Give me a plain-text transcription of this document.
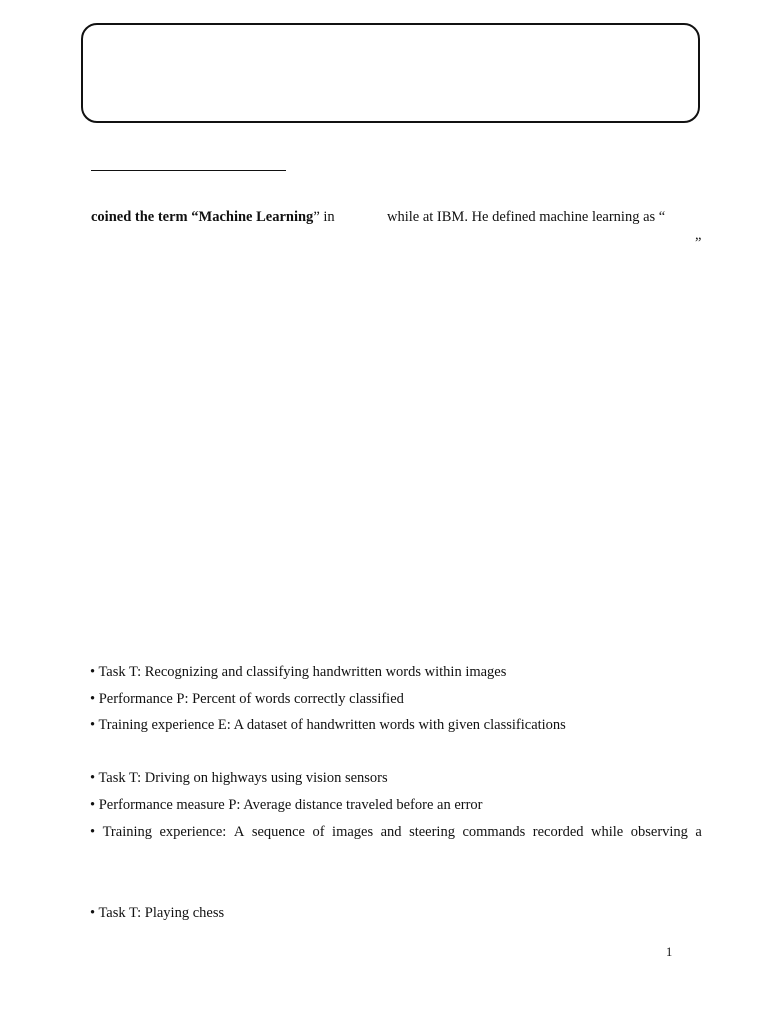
coined the term “Machine Learning” in	while at IBM. He defined machine learning as “
”
• Task T: Recognizing and classifying handwritten words within images
• Performance P: Percent of words correctly classified
• Training experience E: A dataset of handwritten words with given classifications
• Task T: Driving on highways using vision sensors
• Performance measure P: Average distance traveled before an error
• Training experience: A sequence of images and steering commands recorded while observing a
• Task T: Playing chess
1
